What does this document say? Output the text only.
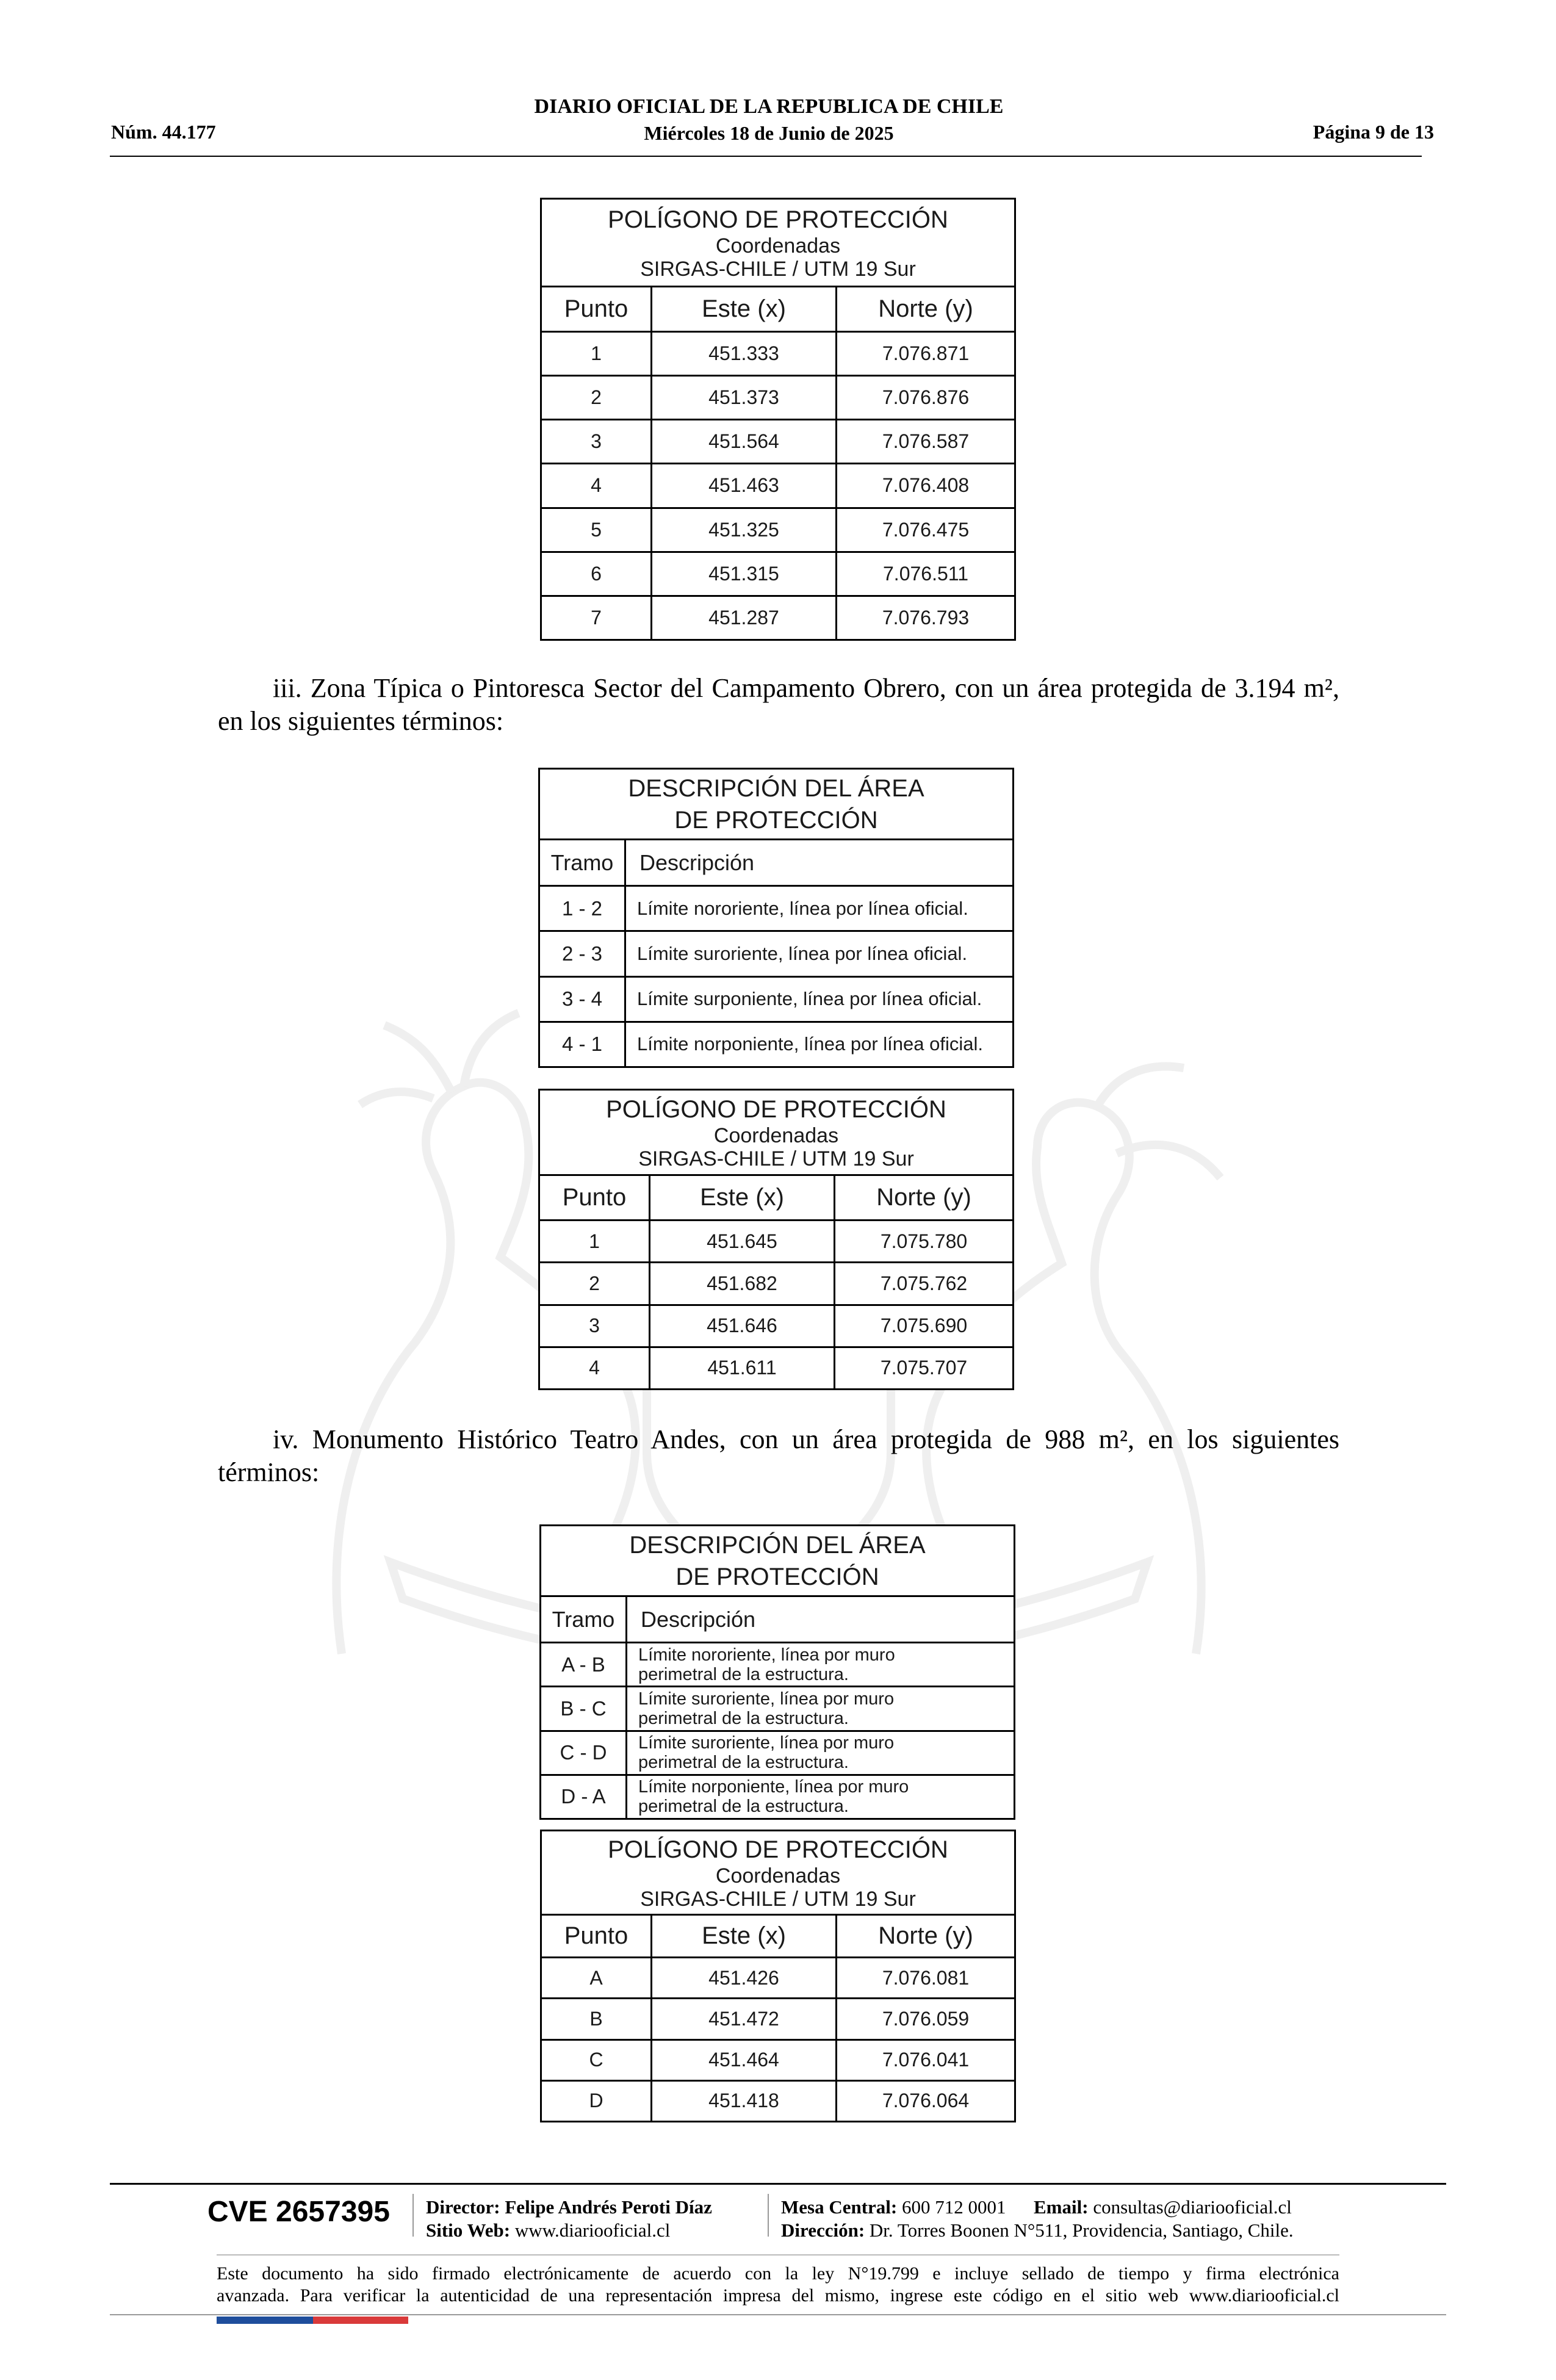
DIARIO OFICIAL DE LA REPUBLICA DE CHILE
Núm. 44.177	Miércoles 18 de Junio de 2025	Página 9 de 13
POLÍGONO DE PROTECCIÓN
Coordenadas
SIRGAS-CHILE / UTM 19 Sur		

Punto	Este (x)	Norte (y)
1	451.333	7.076.871
2	451.373	7.076.876
3	451.564	7.076.587
4	451.463	7.076.408
5	451.325	7.076.475
6	451.315	7.076.511
7	451.287	7.076.793
iii. Zona Típica o Pintoresca Sector del Campamento Obrero, con un área protegida de 3.194 m², en los siguientes términos:
DESCRIPCIÓN DEL ÁREA
DE PROTECCIÓN	

Tramo	Descripción
1 - 2	Límite nororiente, línea por línea oficial.
2 - 3	Límite suroriente, línea por línea oficial.
3 - 4	Límite surponiente, línea por línea oficial.
4 - 1	Límite norponiente, línea por línea oficial.
POLÍGONO DE PROTECCIÓN
Coordenadas
SIRGAS-CHILE / UTM 19 Sur		

Punto	Este (x)	Norte (y)
1	451.645	7.075.780
2	451.682	7.075.762
3	451.646	7.075.690
4	451.611	7.075.707
iv. Monumento Histórico Teatro Andes, con un área protegida de 988 m², en los siguientes términos:
DESCRIPCIÓN DEL ÁREA
DE PROTECCIÓN	

Tramo	Descripción
A - B	Límite nororiente, línea por muro
perimetral de la estructura.

B - C	Límite suroriente, línea por muro
perimetral de la estructura.

C - D	Límite suroriente, línea por muro
perimetral de la estructura.

D - A	Límite norponiente, línea por muro
perimetral de la estructura.
POLÍGONO DE PROTECCIÓN
Coordenadas
SIRGAS-CHILE / UTM 19 Sur		

Punto	Este (x)	Norte (y)
A	451.426	7.076.081
B	451.472	7.076.059
C	451.464	7.076.041
D	451.418	7.076.064
CVE 2657395 Director: Felipe Andrés Peroti Díaz
Sitio Web: www.diariooficial.cl
Mesa Central: 600 712 0001 Email: consultas@diariooficial.cl
Dirección: Dr. Torres Boonen N°511, Providencia, Santiago, Chile.
Este documento ha sido firmado electrónicamente de acuerdo con la ley N°19.799 e incluye sellado de tiempo y firma electrónica
avanzada. Para verificar la autenticidad de una representación impresa del mismo, ingrese este código en el sitio web www.diariooficial.cl
